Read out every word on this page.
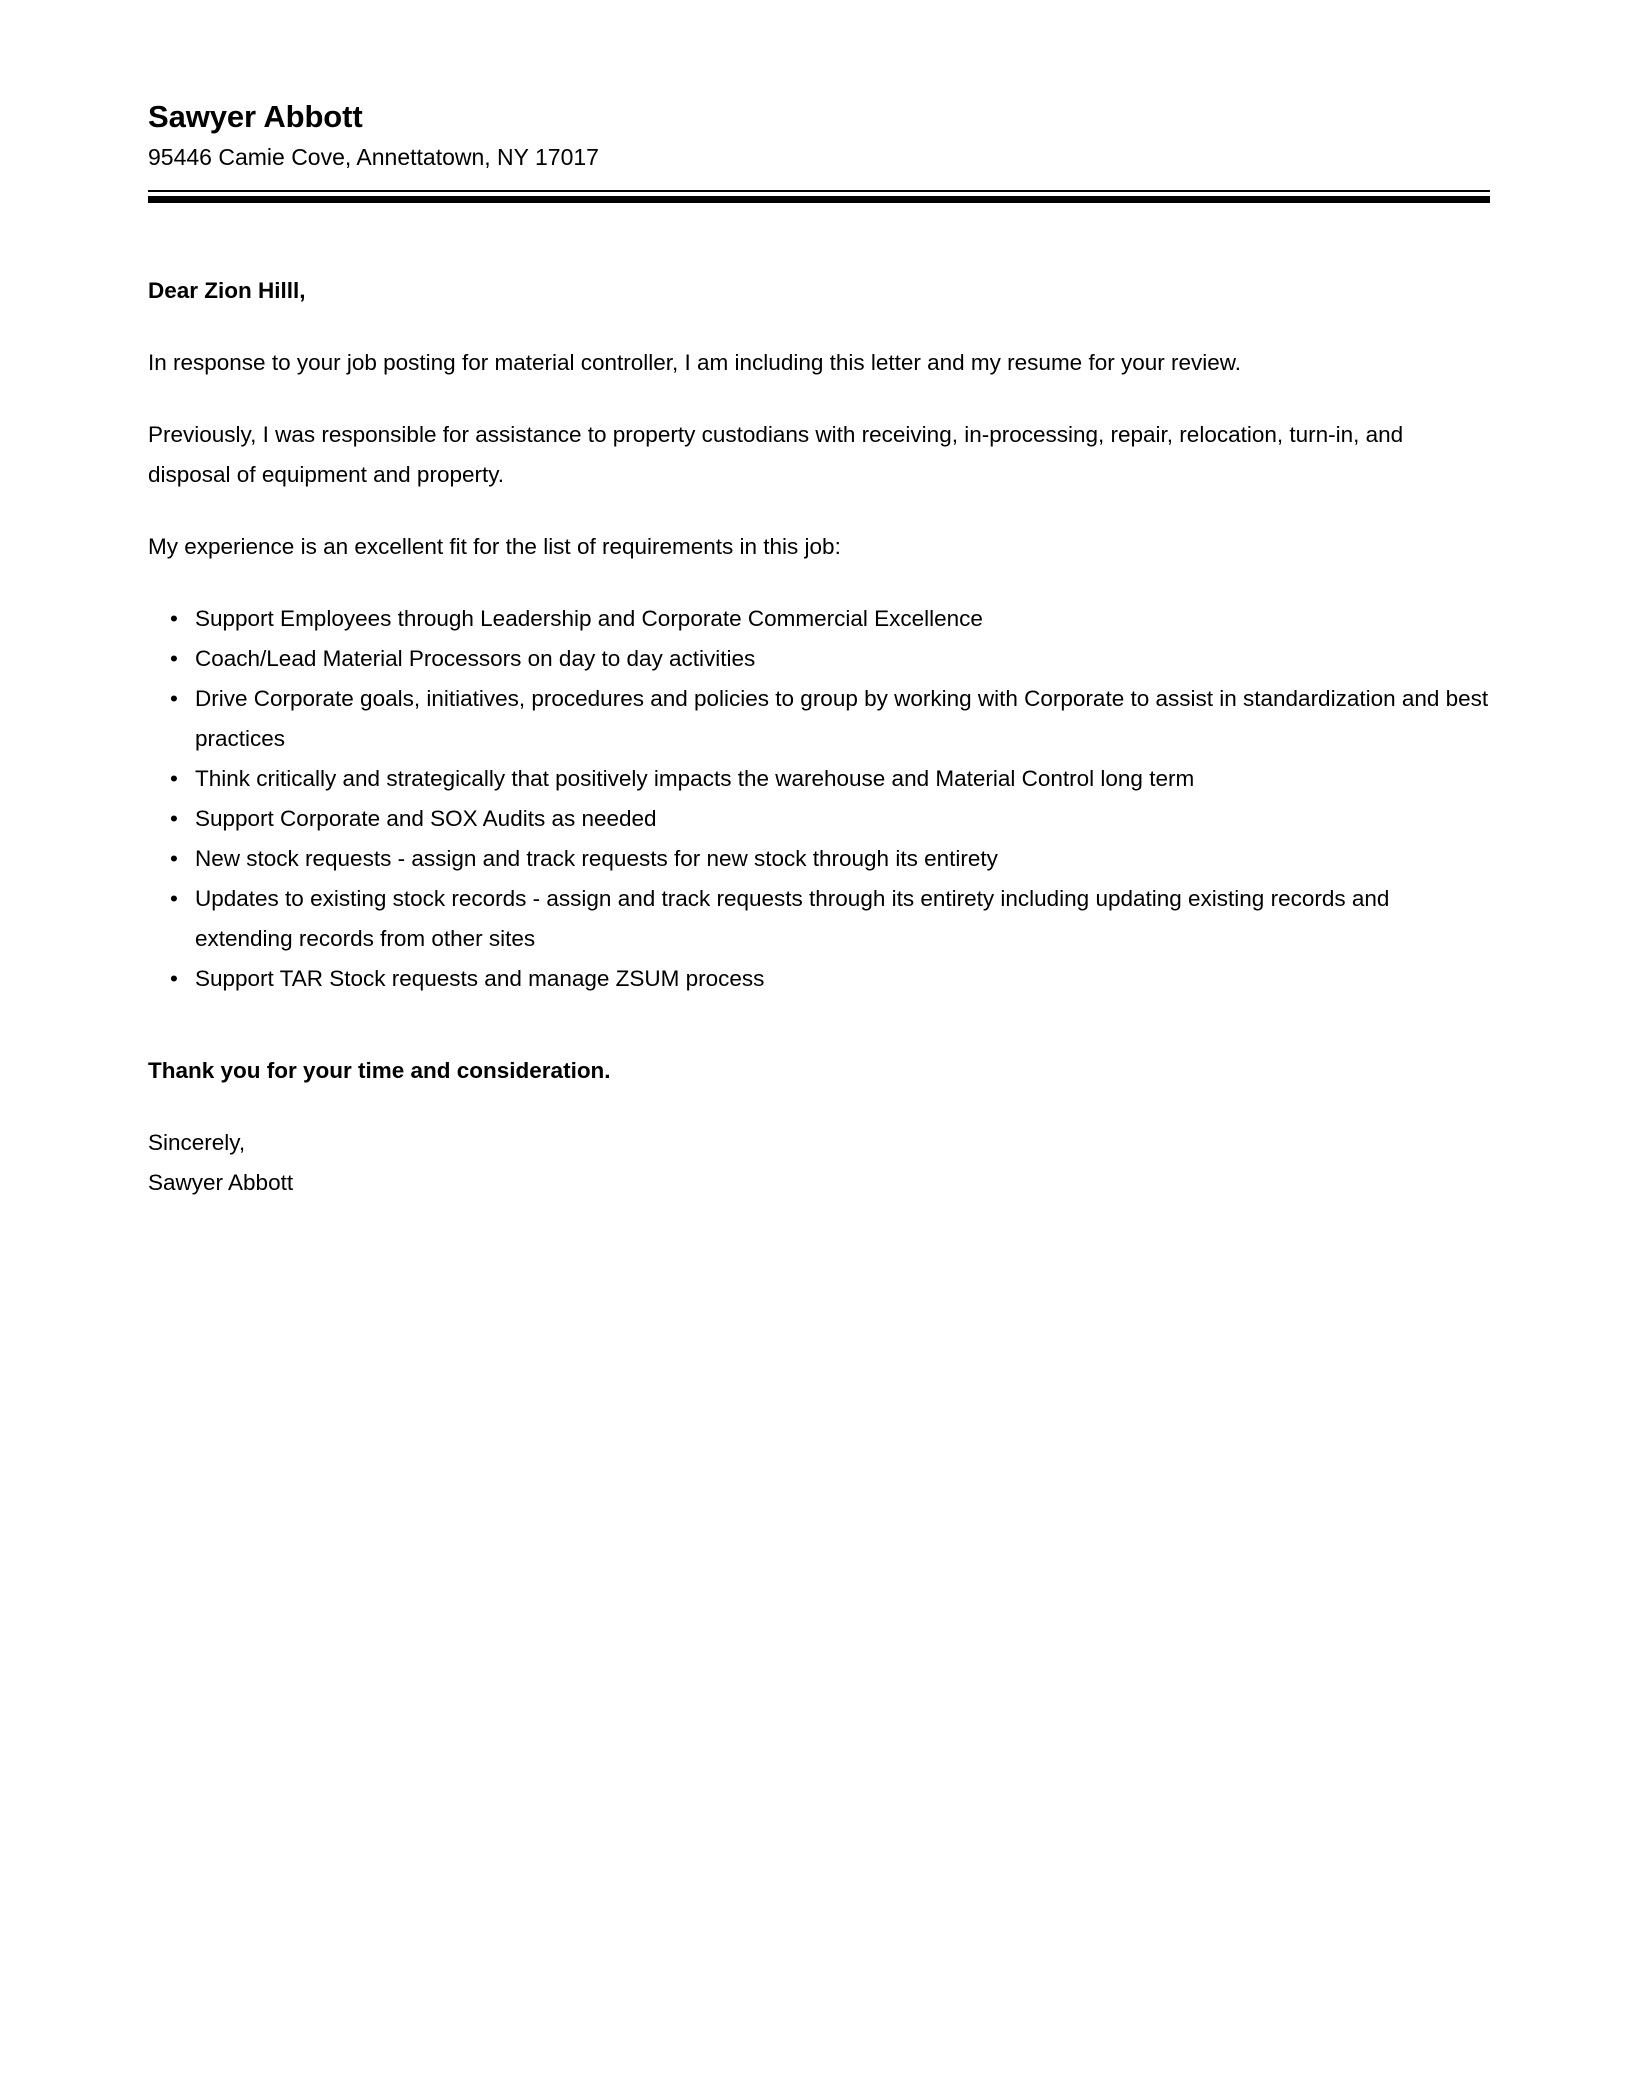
Sawyer Abbott

95446 Camie Cove, Annettatown, NY 17017

Dear Zion Hilll,

In response to your job posting for material controller, I am including this letter and my resume for your review.

Previously, I was responsible for assistance to property custodians with receiving, in-processing, repair, relocation, turn-in, and disposal of equipment and property.

My experience is an excellent fit for the list of requirements in this job:

• Support Employees through Leadership and Corporate Commercial Excellence
• Coach/Lead Material Processors on day to day activities
• Drive Corporate goals, initiatives, procedures and policies to group by working with Corporate to assist in standardization and best practices
• Think critically and strategically that positively impacts the warehouse and Material Control long term
• Support Corporate and SOX Audits as needed
• New stock requests - assign and track requests for new stock through its entirety
• Updates to existing stock records - assign and track requests through its entirety including updating existing records and extending records from other sites
• Support TAR Stock requests and manage ZSUM process

Thank you for your time and consideration.

Sincerely,
Sawyer Abbott
